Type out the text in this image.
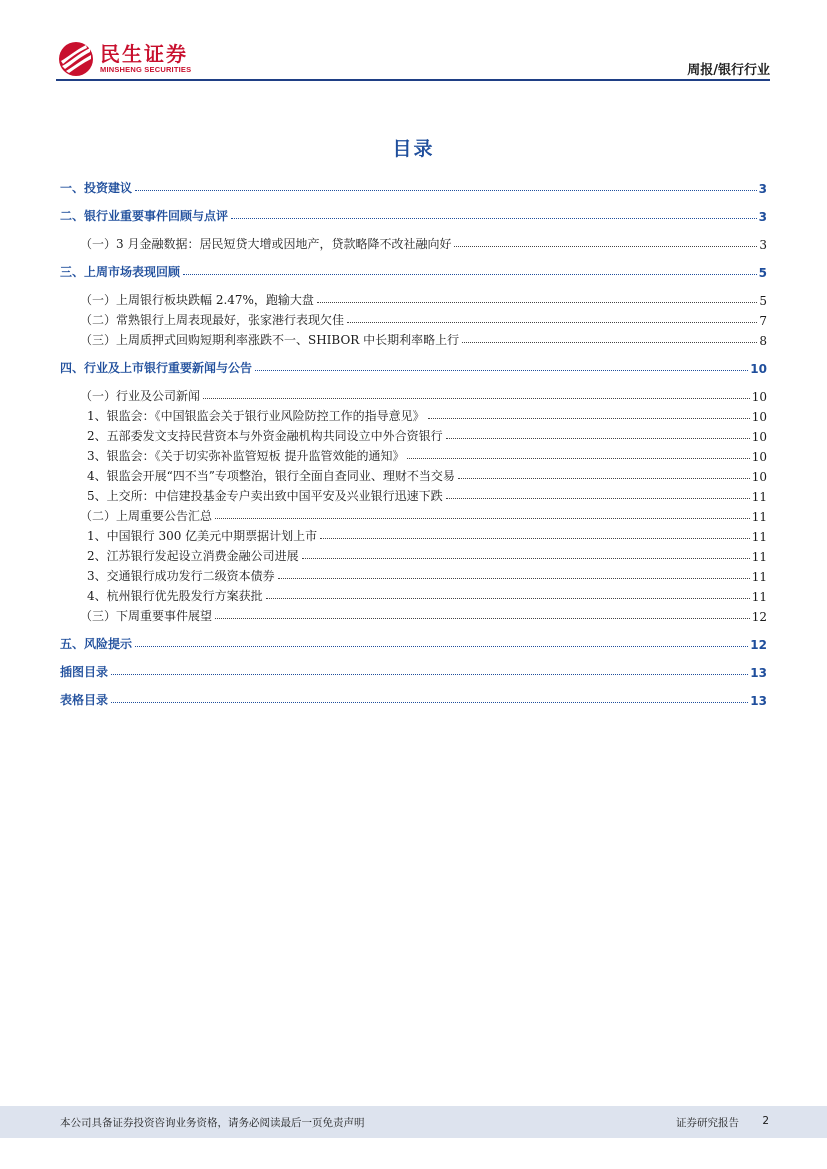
民生证券
MINSHENG SECURITIES	周报/银行行业
目录
一、投资建议	3
二、银行业重要事件回顾与点评	3
（一）3 月金融数据：居民短贷大增或因地产，贷款略降不改社融向好	3
三、上周市场表现回顾	5
（一）上周银行板块跌幅 2.47%，跑输大盘	5
（二）常熟银行上周表现最好，张家港行表现欠佳	7
（三）上周质押式回购短期利率涨跌不一、SHIBOR 中长期利率略上行	8
四、行业及上市银行重要新闻与公告	10
（一）行业及公司新闻	10
1、银监会：《中国银监会关于银行业风险防控工作的指导意见》	10
2、五部委发文支持民营资本与外资金融机构共同设立中外合资银行	10
3、银监会：《关于切实弥补监管短板 提升监管效能的通知》	10
4、银监会开展“四不当”专项整治，银行全面自查同业、理财不当交易	10
5、上交所：中信建投基金专户卖出致中国平安及兴业银行迅速下跌	11
（二）上周重要公告汇总	11
1、中国银行 300 亿美元中期票据计划上市	11
2、江苏银行发起设立消费金融公司进展	11
3、交通银行成功发行二级资本债券	11
4、杭州银行优先股发行方案获批	11
（三）下周重要事件展望	12
五、风险提示	12
插图目录	13
表格目录	13
本公司具备证券投资咨询业务资格，请务必阅读最后一页免责声明	证券研究报告 2
